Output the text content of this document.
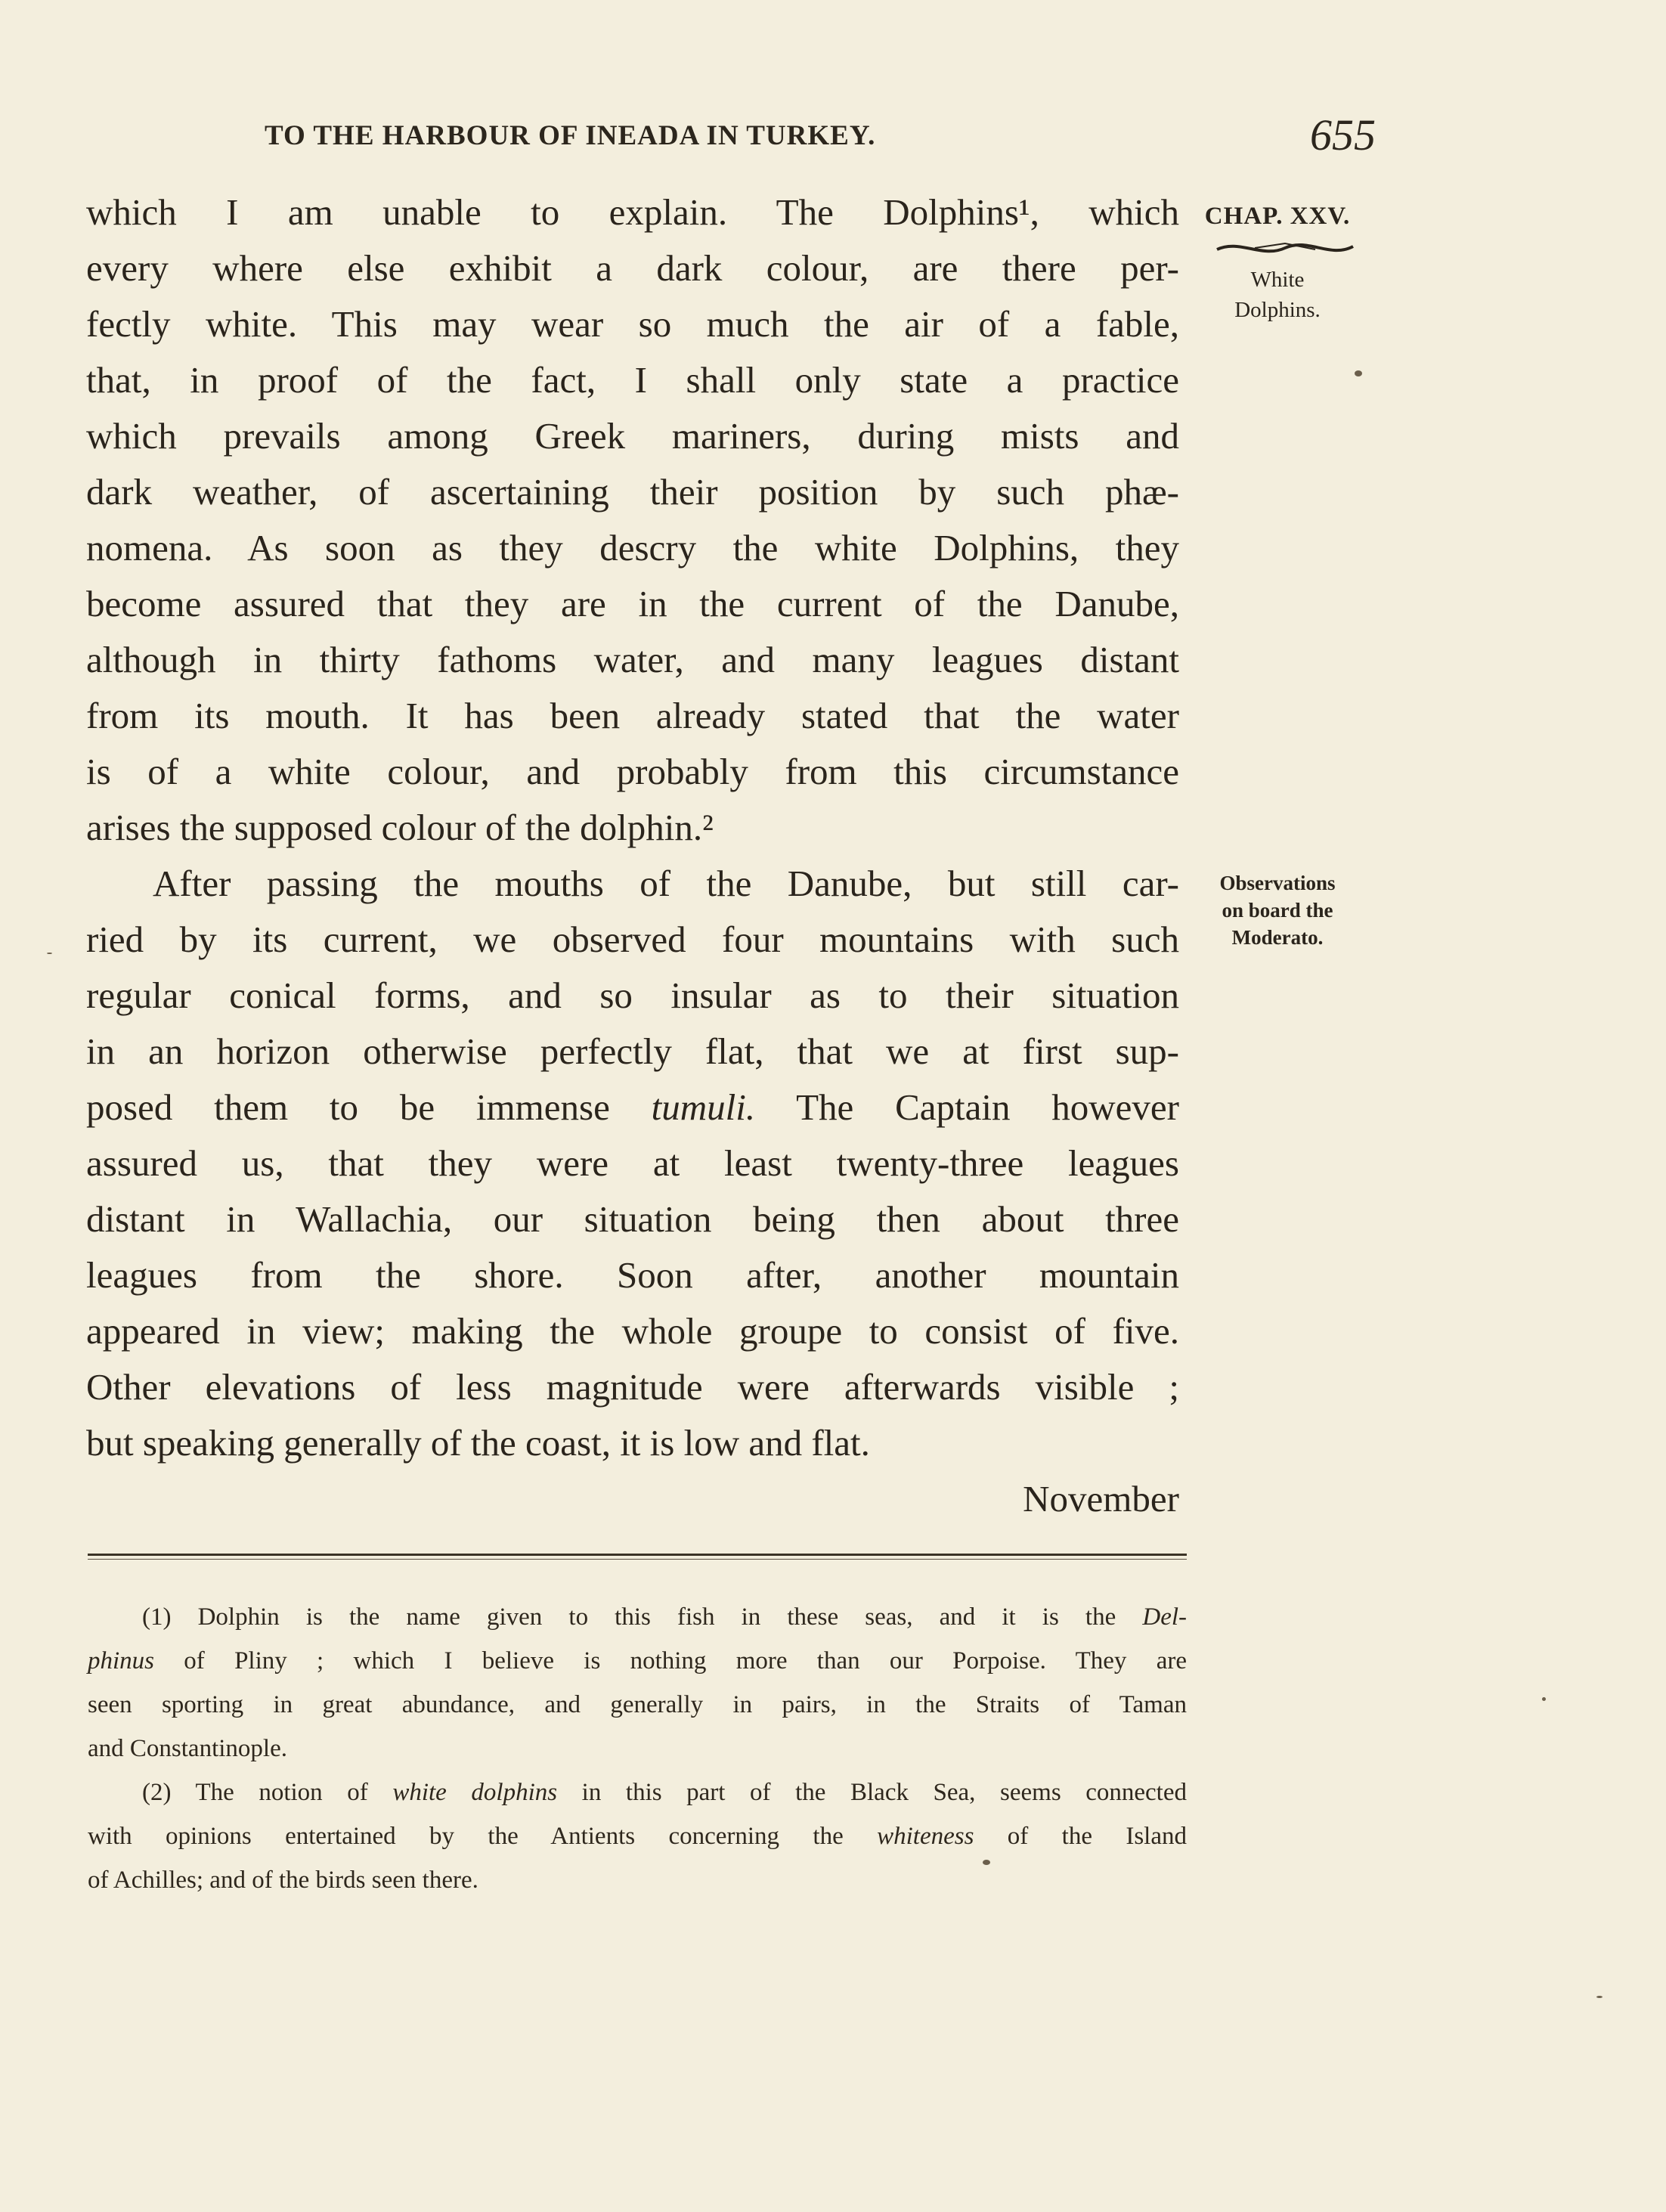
TO THE HARBOUR OF INEADA IN TURKEY.	655
CHAP. XXV.
White
Dolphins.
Observations
on board the
Moderato.
which I am unable to explain. The Dolphins¹, which
every where else exhibit a dark colour, are there per-
fectly white. This may wear so much the air of a fable,
that, in proof of the fact, I shall only state a practice
which prevails among Greek mariners, during mists and
dark weather, of ascertaining their position by such phæ-
nomena. As soon as they descry the white Dolphins, they
become assured that they are in the current of the Danube,
although in thirty fathoms water, and many leagues distant
from its mouth. It has been already stated that the water
is of a white colour, and probably from this circumstance
arises the supposed colour of the dolphin.²
After passing the mouths of the Danube, but still car-
ried by its current, we observed four mountains with such
regular conical forms, and so insular as to their situation
in an horizon otherwise perfectly flat, that we at first sup-
posed them to be immense tumuli. The Captain however
assured us, that they were at least twenty-three leagues
distant in Wallachia, our situation being then about three
leagues from the shore. Soon after, another mountain
appeared in view; making the whole groupe to consist of five.
Other elevations of less magnitude were afterwards visible ;
but speaking generally of the coast, it is low and flat.
November
(1) Dolphin is the name given to this fish in these seas, and it is the Del-
phinus of Pliny ; which I believe is nothing more than our Porpoise. They are
seen sporting in great abundance, and generally in pairs, in the Straits of Taman
and Constantinople.
(2) The notion of white dolphins in this part of the Black Sea, seems connected
with opinions entertained by the Antients concerning the whiteness of the Island
of Achilles; and of the birds seen there.
